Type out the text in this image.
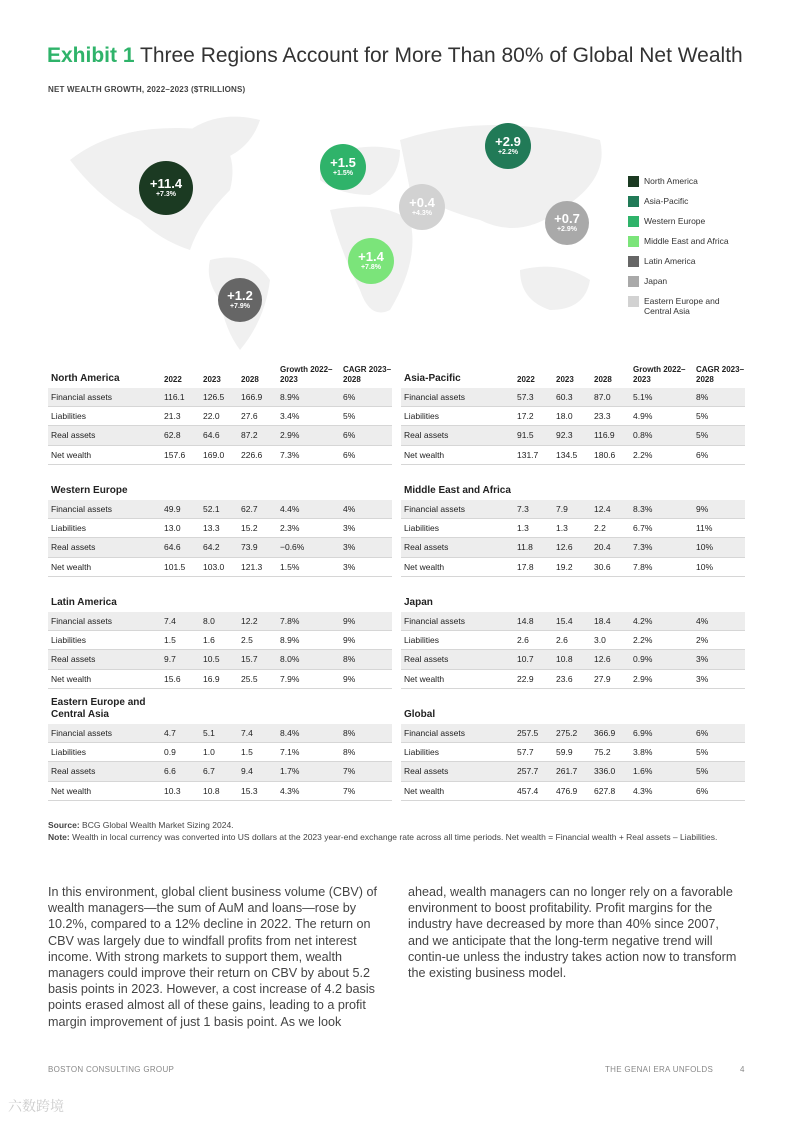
Exhibit 1 Three Regions Account for More Than 80% of Global Net Wealth
NET WEALTH GROWTH, 2022–2023 ($TRILLIONS)
+11.4
+7.3%
+1.5
+1.5%
+2.9
+2.2%
+0.4
+4.3%	+0.7
+2.9%
+1.4
+7.8%
+1.2
+7.9%
North America
Asia-Pacific
Western Europe
Middle East and Africa
Latin America
Japan
Eastern Europe and Central Asia
North America	2022	2023	2028
Growth 2022–2023
CAGR 2023–2028
Financial assets	116.1 126.5 166.9 8.9%	6%
Liabilities	21.3	22.0	27.6	3.4%	5%
Real assets	62.8	64.6	87.2	2.9%	6%
Net wealth	157.6 169.0 226.6 7.3%	6%
Asia-Pacific	2022	2023	2028
Growth 2022–2023
CAGR 2023–2028
Financial assets	57.3	60.3	87.0	5.1%	8%
Liabilities	17.2	18.0	23.3	4.9%	5%
Real assets	91.5	92.3	116.9 0.8%	5%
Net wealth	131.7 134.5 180.6 2.2%	6%
Western Europe
Financial assets	49.9	52.1	62.7	4.4%	4%
Liabilities	13.0	13.3	15.2	2.3%	3%
Real assets	64.6	64.2	73.9	−0.6%	3%
Net wealth	101.5 103.0 121.3 1.5%	3%
Middle East and Africa
Financial assets	7.3	7.9	12.4	8.3%	9%
Liabilities	1.3	1.3	2.2	6.7%	11%
Real assets	11.8	12.6	20.4	7.3%	10%
Net wealth	17.8	19.2	30.6	7.8%	10%
Latin America
Financial assets	7.4	8.0	12.2	7.8%	9%
Liabilities	1.5	1.6	2.5	8.9%	9%
Real assets	9.7	10.5	15.7	8.0%	8%
Net wealth	15.6	16.9	25.5	7.9%	9%
Japan
Financial assets	14.8	15.4	18.4	4.2%	4%
Liabilities	2.6	2.6	3.0	2.2%	2%
Real assets	10.7	10.8	12.6	0.9%	3%
Net wealth	22.9	23.6	27.9	2.9%	3%
Eastern Europe and Central Asia
Financial assets	4.7	5.1	7.4	8.4%	8%
Liabilities	0.9	1.0	1.5	7.1%	8%
Real assets	6.6	6.7	9.4	1.7%	7%
Net wealth	10.3	10.8	15.3	4.3%	7%
Global
Financial assets	257.5 275.2 366.9 6.9%	6%
Liabilities	57.7	59.9	75.2	3.8%	5%
Real assets	257.7 261.7 336.0 1.6%	5%
Net wealth	457.4 476.9 627.8 4.3%	6%
Source: BCG Global Wealth Market Sizing 2024.
Note: Wealth in local currency was converted into US dollars at the 2023 year-end exchange rate across all time periods. Net wealth = Financial wealth + Real assets – Liabilities.

In this environment, global client business volume (CBV) of wealth managers—the sum of AuM and loans—rose by 10.2%, compared to a 12% decline in 2022. The return on CBV was largely due to windfall profits from net interest income. With strong markets to support them, wealth managers could improve their return on CBV by about 5.2 basis points in 2023. However, a cost increase of 4.2 basis points erased almost all of these gains, leading to a profit margin improvement of just 1 basis point. As we look

ahead, wealth managers can no longer rely on a favorable environment to boost profitability. Profit margins for the industry have decreased by more than 40% since 2007, and we anticipate that the long-term negative trend will contin-ue unless the industry takes action now to transform the existing business model.

BOSTON CONSULTING GROUP	THE GENAI ERA UNFOLDS	4
六数跨境
